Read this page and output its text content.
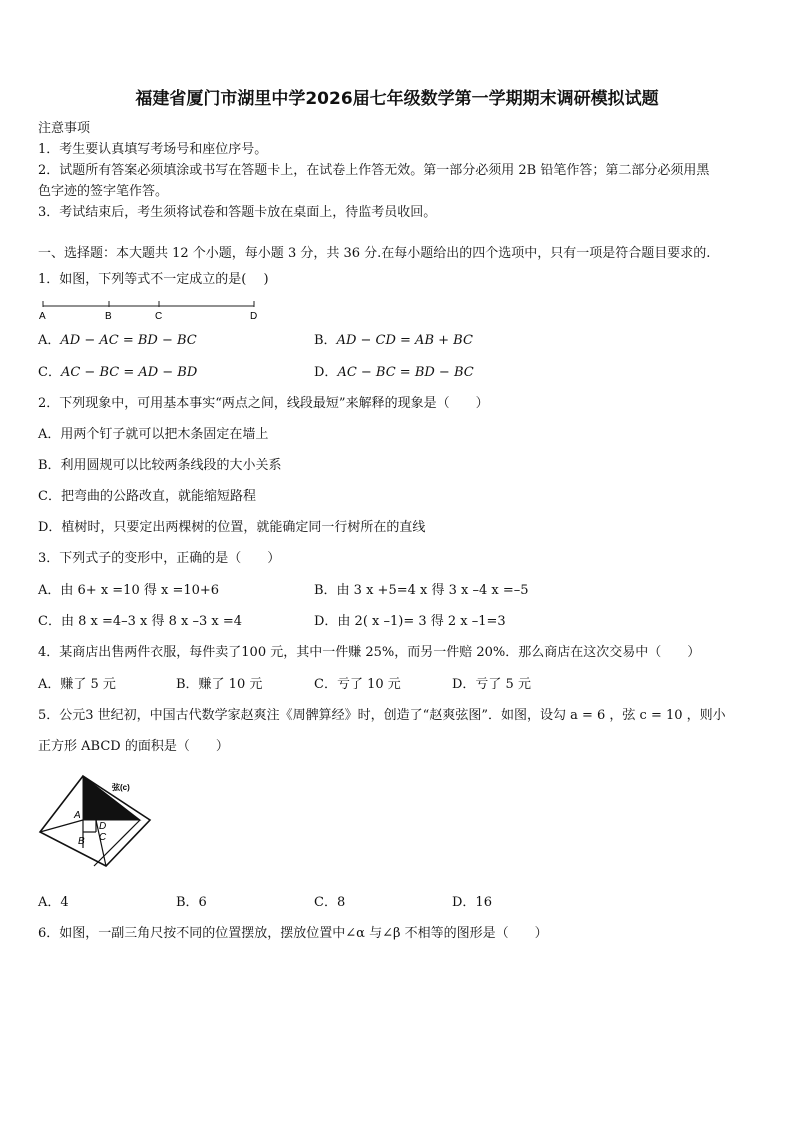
福建省厦门市湖里中学2026届七年级数学第一学期期末调研模拟试题
注意事项
1．考生要认真填写考场号和座位序号。
2．试题所有答案必须填涂或书写在答题卡上，在试卷上作答无效。第一部分必须用 2B 铅笔作答；第二部分必须用黑
色字迹的签字笔作答。
3．考试结束后，考生须将试卷和答题卡放在桌面上，待监考员收回。
一、选择题：本大题共 12 个小题，每小题 3 分，共 36 分.在每小题给出的四个选项中，只有一项是符合题目要求的.
1．如图，下列等式不一定成立的是(　 )
A	B	C	D
A．AD − AC = BD − BC	B．AD − CD = AB + BC
C．AC − BC = AD − BD	D．AC − BC = BD − BC
2．下列现象中，可用基本事实“两点之间，线段最短”来解释的现象是（　　）
A．用两个钉子就可以把木条固定在墙上
B．利用圆规可以比较两条线段的大小关系
C．把弯曲的公路改直，就能缩短路程
D．植树时，只要定出两棵树的位置，就能确定同一行树所在的直线
3．下列式子的变形中，正确的是（　　）
A．由 6+ x =10 得 x =10+6	B．由 3 x +5=4 x 得 3 x –4 x =–5
C．由 8 x =4–3 x 得 8 x –3 x =4	D．由 2( x –1)= 3 得 2 x –1=3
4．某商店出售两件衣服，每件卖了100 元，其中一件赚 25%，而另一件赔 20%．那么商店在这次交易中（　　）
A．赚了 5 元	B．赚了 10 元	C．亏了 10 元	D．亏了 5 元
5．公元3 世纪初，中国古代数学家赵爽注《周髀算经》时，创造了“赵爽弦图”．如图，设勾 a = 6 ，弦 c = 10 ，则小
正方形 ABCD 的面积是（　　）
弦(c)
A
D
C
B
A．4	B．6	C．8	D．16
6．如图，一副三角尺按不同的位置摆放，摆放位置中∠α 与∠β 不相等的图形是（　　）
